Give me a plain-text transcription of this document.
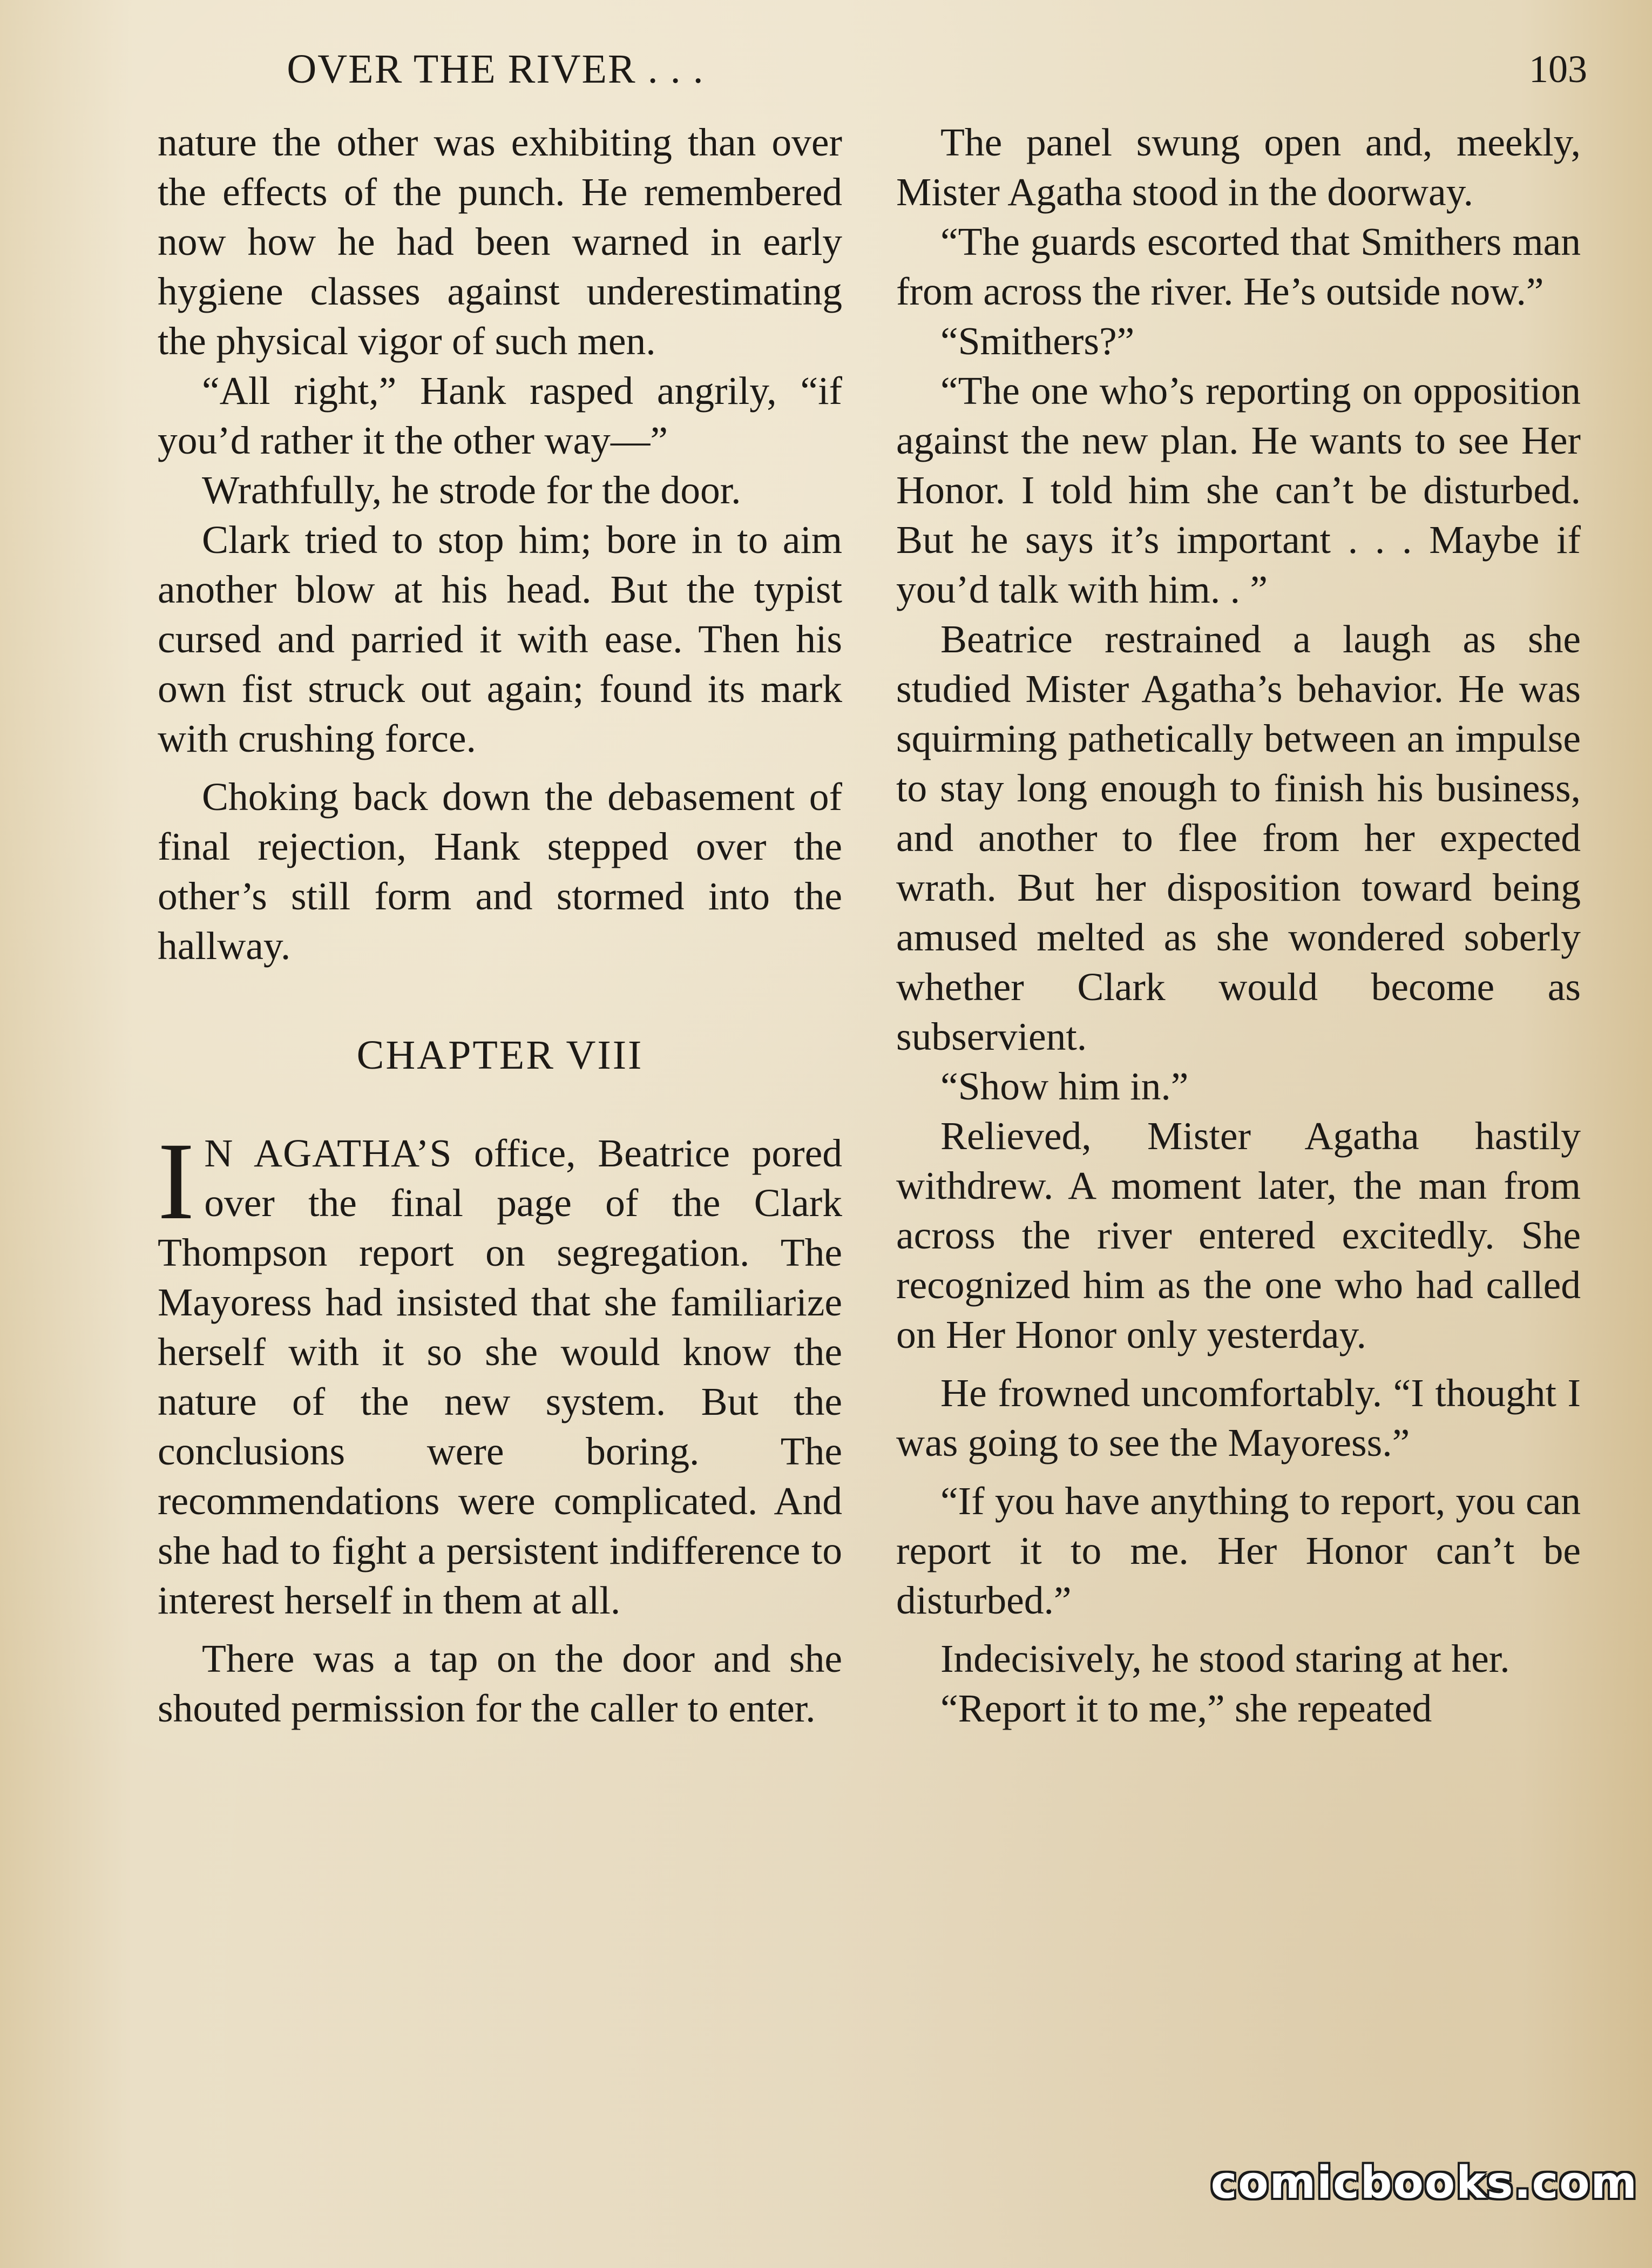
OVER THE RIVER . . .	103

nature the other was exhibiting than over the effects of the punch. He remembered now how he had been warned in early hygiene classes against underestimating the physical vigor of such men.

“All right,” Hank rasped angrily, “if you’d rather it the other way—”

Wrathfully, he strode for the door.

Clark tried to stop him; bore in to aim another blow at his head. But the typist cursed and parried it with ease. Then his own fist struck out again; found its mark with crushing force.

Choking back down the debasement of final rejection, Hank stepped over the other’s still form and stormed into the hallway.

CHAPTER VIII

I N AGATHA’S office, Beatrice pored over the final page of the Clark Thompson report on segregation. The Mayoress had insisted that she familiarize herself with it so she would know the nature of the new system. But the conclusions were boring. The recommendations were complicated. And she had to fight a persistent indifference to interest herself in them at all.

There was a tap on the door and she shouted permission for the caller to enter.

The panel swung open and, meekly, Mister Agatha stood in the doorway.

“The guards escorted that Smithers man from across the river. He’s outside now.”

“Smithers?”

“The one who’s reporting on opposition against the new plan. He wants to see Her Honor. I told him she can’t be disturbed. But he says it’s important . . . Maybe if you’d talk with him. . ”

Beatrice restrained a laugh as she studied Mister Agatha’s behavior. He was squirming pathetically between an impulse to stay long enough to finish his business, and another to flee from her expected wrath. But her disposition toward being amused melted as she wondered soberly whether Clark would become as subservient.

“Show him in.”

Relieved, Mister Agatha hastily withdrew. A moment later, the man from across the river entered excitedly. She recognized him as the one who had called on Her Honor only yesterday.

He frowned uncomfortably. “I thought I was going to see the Mayoress.”

“If you have anything to report, you can report it to me. Her Honor can’t be disturbed.”

Indecisively, he stood staring at her.

“Report it to me,” she repeated

comicbooks.com
